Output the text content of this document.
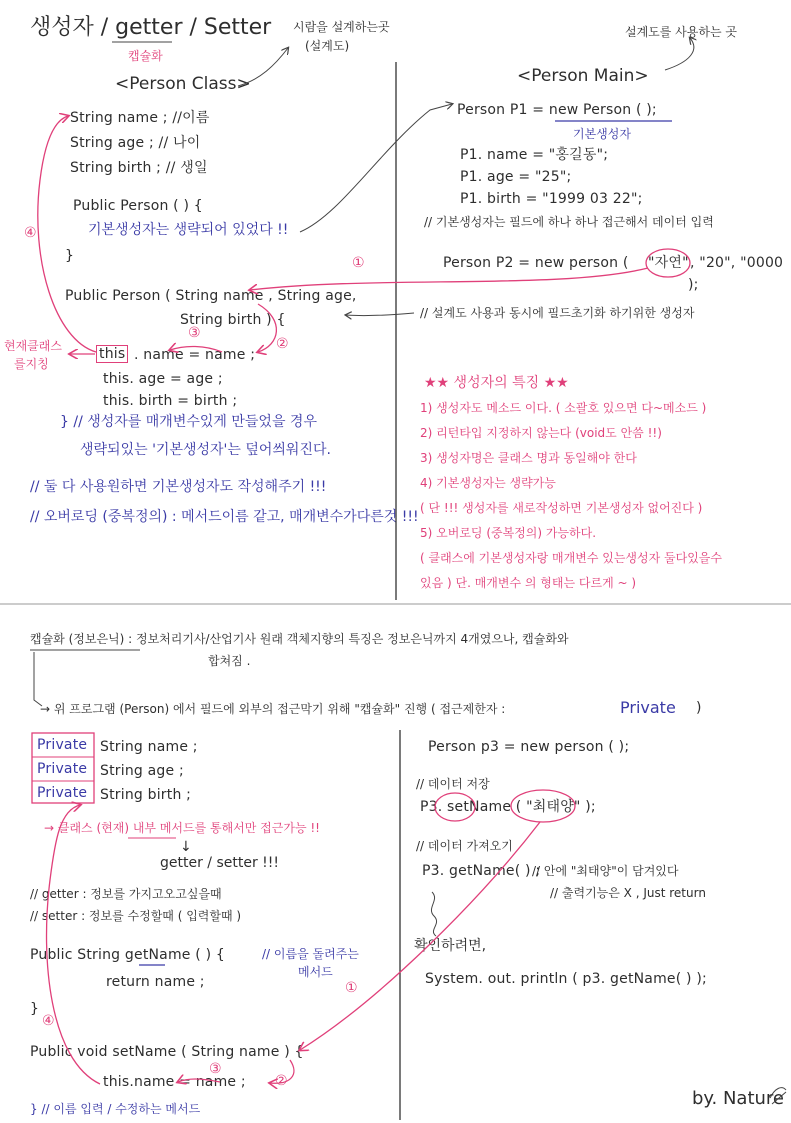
생성자 / getter / Setter
캡슐화
시람을 설계하는곳
(설계도)
설계도를 사용하는 곳
<Person Class>	<Person Main>
String name ; //이름
String age ; // 나이
String birth ; // 생일
Public Person ( ) {
기본생성자는 생략되어 있었다 !!
}
Public Person ( String name , String age,
String birth ) {
this . name = name ;
this. age = age ;
this. birth = birth ;
} // 생성자를 매개변수있게 만들었을 경우
생략되있는 '기본생성자'는 덮어씌워진다.
// 둘 다 사용원하면 기본생성자도 작성해주기 !!!
// 오버로딩 (중복정의) : 메서드이름 같고, 매개변수가다른것 !!!
현재클래스
를지칭
①
②
③
④
Person P1 = new Person ( );
기본생성자
P1. name = "홍길동";
P1. age = "25";
P1. birth = "1999 03 22";
// 기본생성자는 필드에 하나 하나 접근해서 데이터 입력
Person P2 = new person ( "자연" , "20", "0000
);
// 설계도 사용과 동시에 필드초기화 하기위한 생성자
★★ 생성자의 특징 ★★
1) 생성자도 메소드 이다. ( 소괄호 있으면 다~메소드 )
2) 리턴타입 지정하지 않는다 (void도 안씀 !!)
3) 생성자명은 클래스 명과 동일해야 한다
4) 기본생성자는 생략가능
( 단 !!! 생성자를 새로작성하면 기본생성자 없어진다 )
5) 오버로딩 (중복정의) 가능하다.
( 클래스에 기본생성자랑 매개변수 있는생성자 둘다있을수
있음 ) 단. 매개변수 의 형태는 다르게 ~ )
캡슐화 (정보은닉) : 정보처리기사/산업기사 원래 객체지향의 특징은 정보은닉까지 4개였으나, 캡슐화와
합쳐짐 .
→ 위 프로그램 (Person) 에서 필드에 외부의 접근막기 위해 "캡슐화" 진행 ( 접근제한자 :	Private )
Private String name ;
Private String age ;
Private String birth ;
→ 클래스 (현재) 내부 메서드를 통해서만 접근가능 !!
↓
getter / setter !!!
// getter : 정보를 가지고오고싶을때
// setter : 정보를 수정할때 ( 입력할때 )
Public String getName ( ) {	// 이름을 돌려주는
메서드
return name ;
}
Public void setName ( String name ) {
this.name = name ;
} // 이름 입력 / 수정하는 메서드
①
②
③
④
Person p3 = new person ( );
// 데이터 저장
P3. setName ( "최태양" );
// 데이터 가져오기
P3. getName( ) ;
// 안에 "최태양"이 담겨있다
// 출력기능은 X , Just return
확인하려면,
System. out. println ( p3. getName( ) );
by. Nature
